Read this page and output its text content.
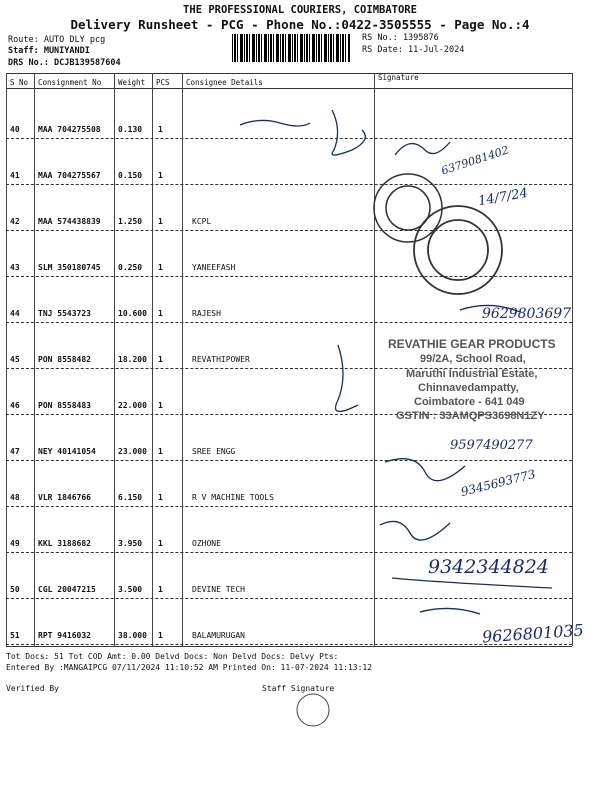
THE PROFESSIONAL COURIERS, COIMBATORE
Delivery Runsheet - PCG - Phone No.:0422-3505555 - Page No.:4
Route: AUTO DLY pcg
Staff: MUNIYANDI
DRS No.: DCJB139587604
RS No.: 1395876
RS Date: 11-Jul-2024
S No Consignment No Weight PCS Consignee Details
Signature
40 MAA 704275508 0.130 1
41 MAA 704275567 0.150 1
42 MAA 574438839 1.250 1	KCPL
43 SLM 350180745 0.250 1	YANEEFASH
44 TNJ 5543723	10.600 1	RAJESH
45 PON 8558482	18.200 1	REVATHIPOWER
46 PON 8558483	22.000 1
47 NEY 40141054	23.000 1	SREE ENGG
48 VLR 1846766	6.150 1	R V MACHINE TOOLS
49 KKL 3188682	3.950 1	OZHONE
50 CGL 20047215	3.500 1	DEVINE TECH
51 RPT 9416032	38.000 1	BALAMURUGAN
REVATHIE GEAR PRODUCTS
99/2A, School Road,
Maruthi Industrial Estate,
Chinnavedampatty,
Coimbatore - 641 049
GSTIN : 33AMQPS3698N1ZY
6379081402
14/7/24
9629803697
9597490277
9345693773
9342344824
9626801035
Tot Docs: 51 Tot COD Amt: 0.00 Delvd Docs: Non Delvd Docs: Delvy Pts:
Entered By :MANGAIPCG 07/11/2024 11:10:52 AM Printed On: 11-07-2024 11:13:12
Verified By	Staff Signature
